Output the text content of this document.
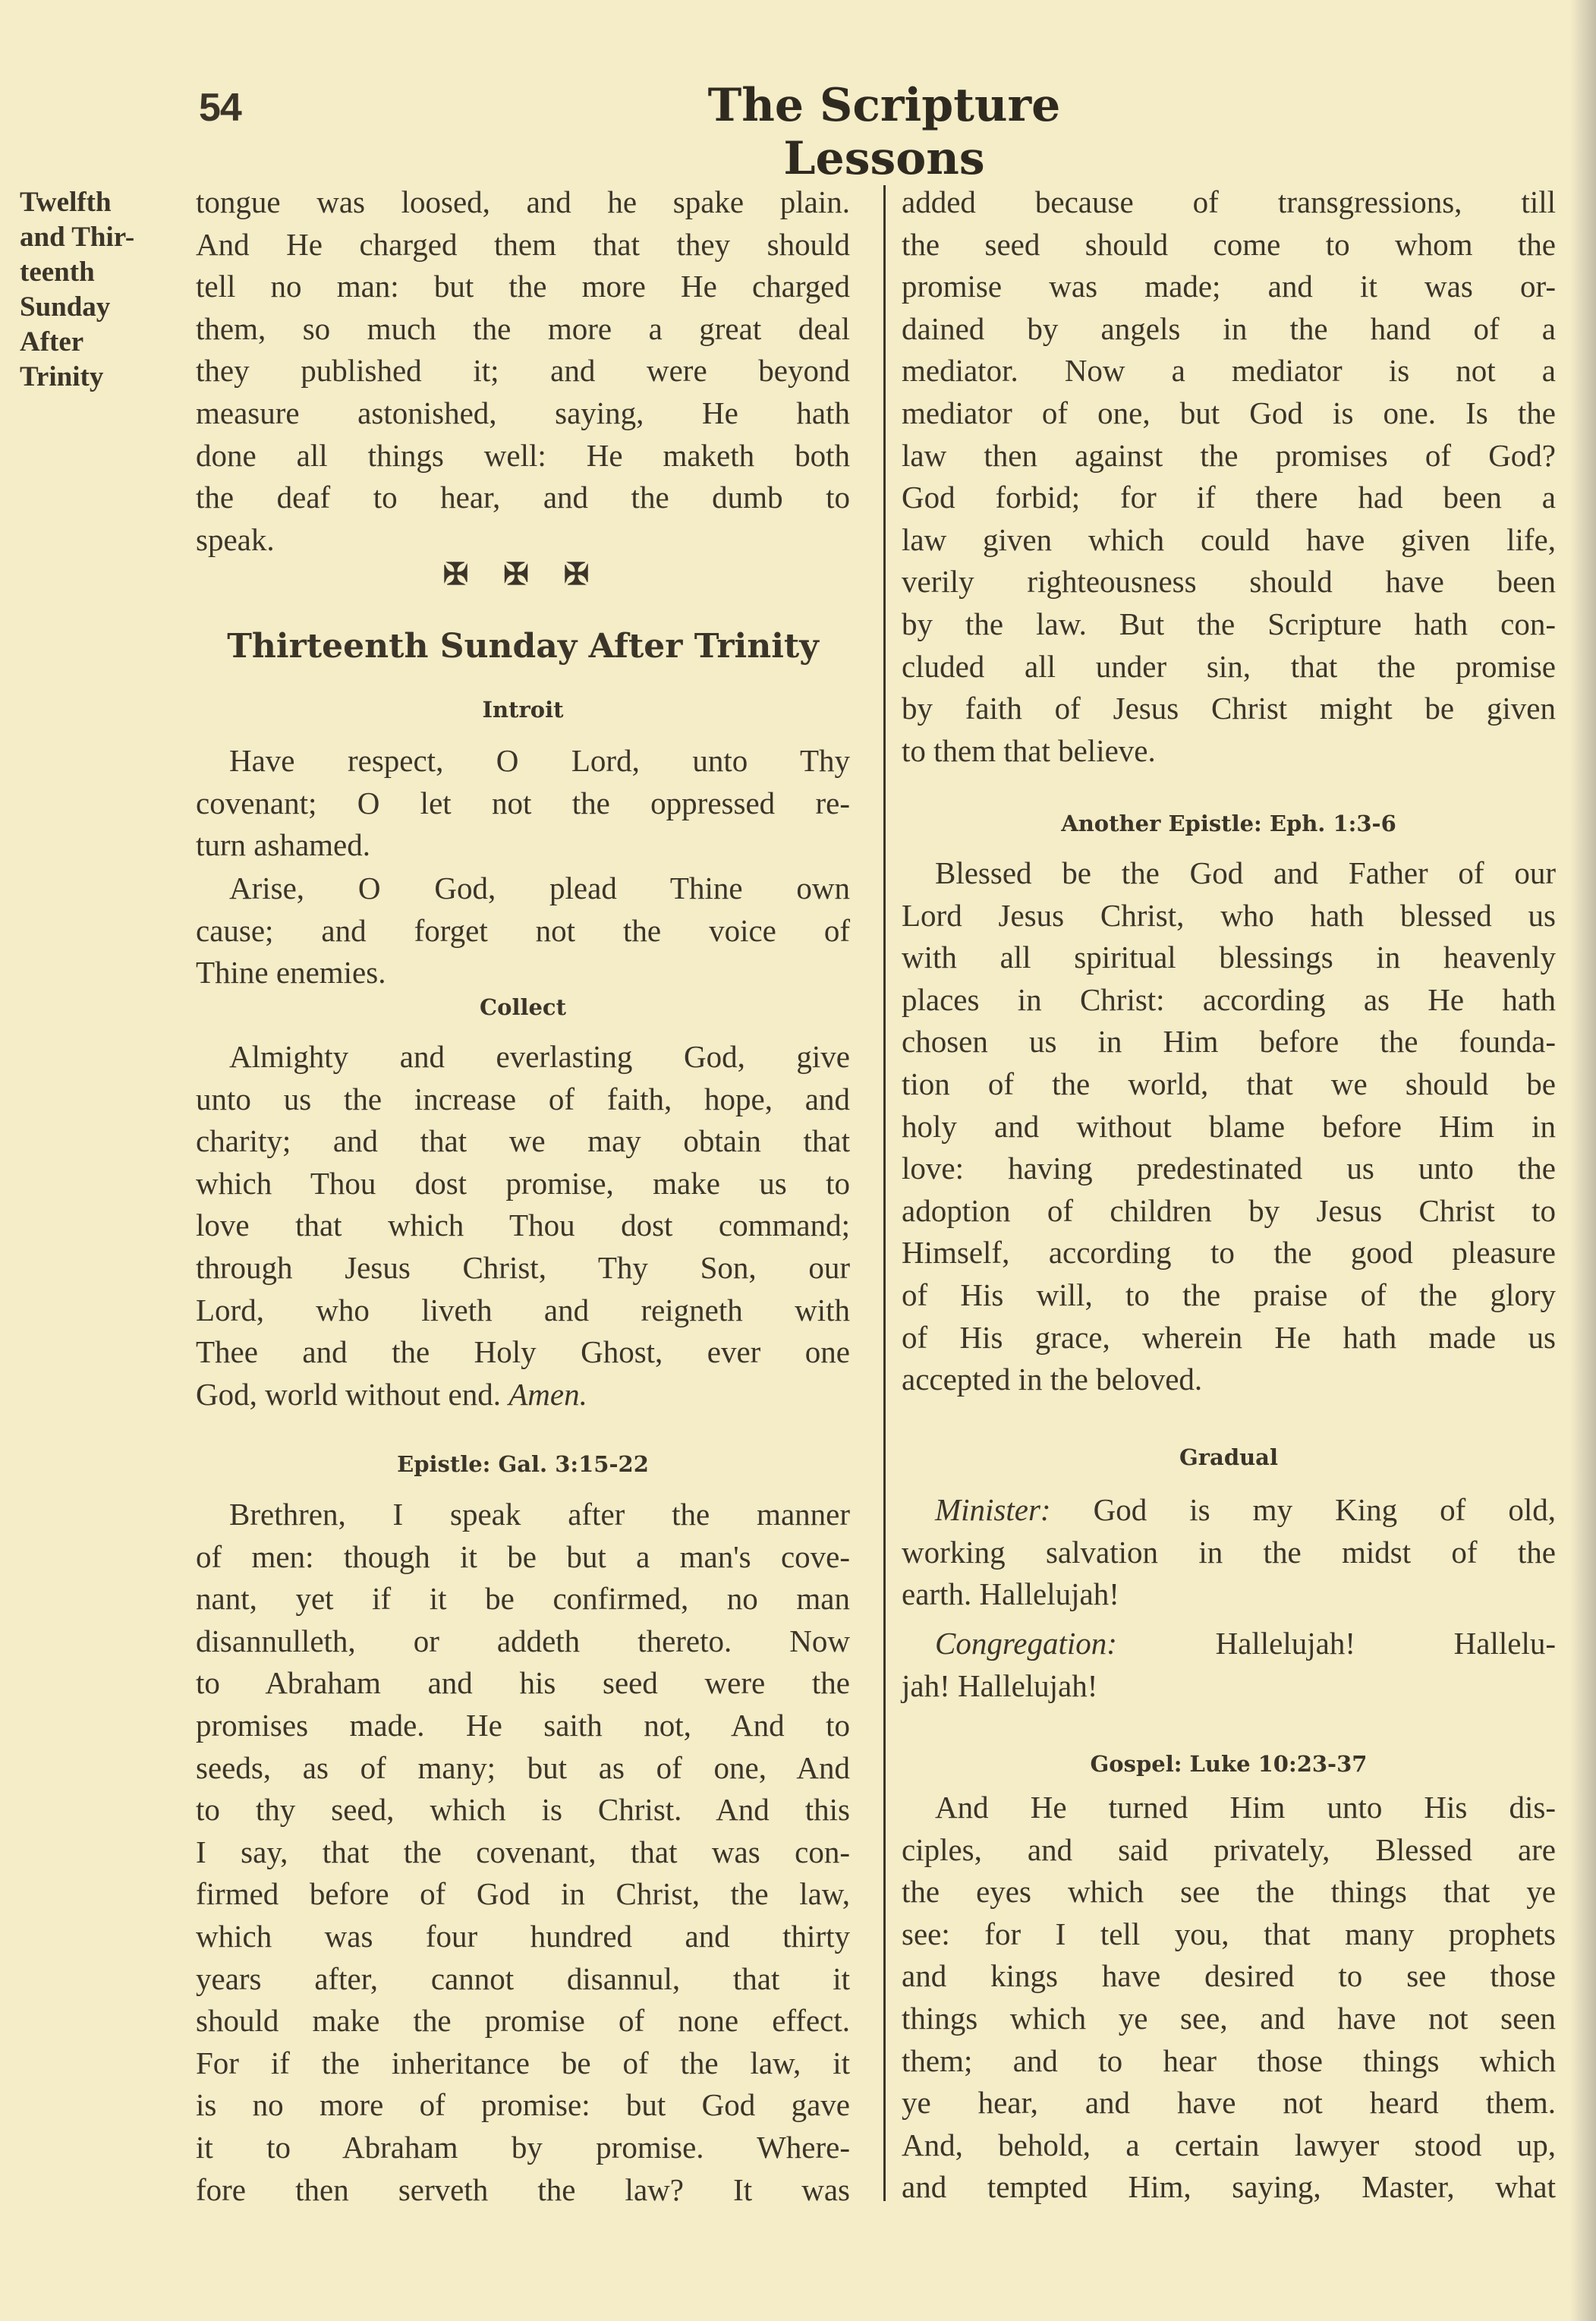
54	The Scripture Lessons
Twelfth
and Thir-
teenth
Sunday
After
Trinity
tongue was loosed, and he spake plain.
And He charged them that they should
tell no man: but the more He charged
them, so much the more a great deal
they published it; and were beyond
measure astonished, saying, He hath
done all things well: He maketh both
the deaf to hear, and the dumb to
speak.
✠ ✠ ✠
Thirteenth Sunday After Trinity
Introit
Have respect, O Lord, unto Thy
covenant; O let not the oppressed re-
turn ashamed.
Arise, O God, plead Thine own
cause; and forget not the voice of
Thine enemies.
Collect
Almighty and everlasting God, give
unto us the increase of faith, hope, and
charity; and that we may obtain that
which Thou dost promise, make us to
love that which Thou dost command;
through Jesus Christ, Thy Son, our
Lord, who liveth and reigneth with
Thee and the Holy Ghost, ever one
God, world without end. Amen.
Epistle: Gal. 3:15-22
Brethren, I speak after the manner
of men: though it be but a man's cove-
nant, yet if it be confirmed, no man
disannulleth, or addeth thereto. Now
to Abraham and his seed were the
promises made. He saith not, And to
seeds, as of many; but as of one, And
to thy seed, which is Christ. And this
I say, that the covenant, that was con-
firmed before of God in Christ, the law,
which was four hundred and thirty
years after, cannot disannul, that it
should make the promise of none effect.
For if the inheritance be of the law, it
is no more of promise: but God gave
it to Abraham by promise. Where-
fore then serveth the law? It was
added because of transgressions, till
the seed should come to whom the
promise was made; and it was or-
dained by angels in the hand of a
mediator. Now a mediator is not a
mediator of one, but God is one. Is the
law then against the promises of God?
God forbid; for if there had been a
law given which could have given life,
verily righteousness should have been
by the law. But the Scripture hath con-
cluded all under sin, that the promise
by faith of Jesus Christ might be given
to them that believe.
Another Epistle: Eph. 1:3-6
Blessed be the God and Father of our
Lord Jesus Christ, who hath blessed us
with all spiritual blessings in heavenly
places in Christ: according as He hath
chosen us in Him before the founda-
tion of the world, that we should be
holy and without blame before Him in
love: having predestinated us unto the
adoption of children by Jesus Christ to
Himself, according to the good pleasure
of His will, to the praise of the glory
of His grace, wherein He hath made us
accepted in the beloved.
Gradual
Minister: God is my King of old,
working salvation in the midst of the
earth. Hallelujah!
Congregation:	Hallelujah! Hallelu-
jah! Hallelujah!
Gospel: Luke 10:23-37
And He turned Him unto His dis-
ciples, and said privately, Blessed are
the eyes which see the things that ye
see: for I tell you, that many prophets
and kings have desired to see those
things which ye see, and have not seen
them; and to hear those things which
ye hear, and have not heard them.
And, behold, a certain lawyer stood up,
and tempted Him, saying, Master, what
